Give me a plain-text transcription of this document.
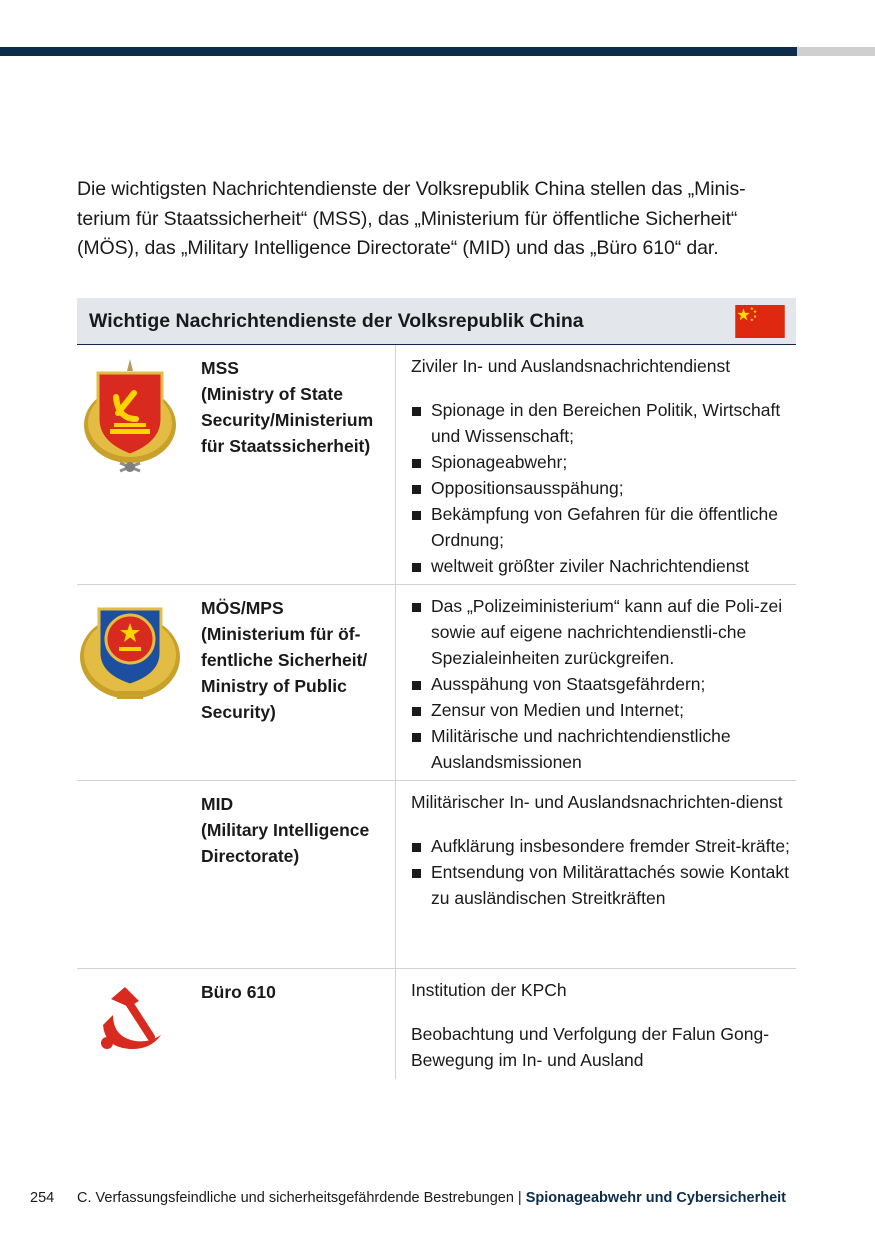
Die wichtigsten Nachrichtendienste der Volksrepublik China stellen das „Minis-terium für Staatssicherheit“ (MSS), das „Ministerium für öffentliche Sicherheit“ (MÖS), das „Military Intelligence Directorate“ (MID) und das „Büro 610“ dar.

Wichtige Nachrichtendienste der Volksrepublik China
MSS
(Ministry of State
Security/Ministerium
für Staatssicherheit)

Ziviler In- und Auslandsnachrichtendienst

Spionage in den Bereichen Politik, Wirtschaft und Wissenschaft;
Spionageabwehr;
Oppositionsausspähung;
Bekämpfung von Gefahren für die öffentliche Ordnung;
weltweit größter ziviler Nachrichtendienst
MÖS/MPS
(Ministerium für öf-
fentliche Sicherheit/
Ministry of Public
Security)
Das „Polizeiministerium“ kann auf die Poli-zei sowie auf eigene nachrichtendienstli-che Spezialeinheiten zurückgreifen.
Ausspähung von Staatsgefährdern;
Zensur von Medien und Internet;
Militärische und nachrichtendienstliche Auslandsmissionen
MID
(Military Intelligence
Directorate)

Militärischer In- und Auslandsnachrichten-dienst

Aufklärung insbesondere fremder Streit-kräfte;
Entsendung von Militärattachés sowie Kontakt zu ausländischen Streitkräften
Büro 610	Institution der KPCh

Beobachtung und Verfolgung der Falun Gong-Bewegung im In- und Ausland

254 C. Verfassungsfeindliche und sicherheitsgefährdende Bestrebungen | Spionageabwehr und Cybersicherheit
